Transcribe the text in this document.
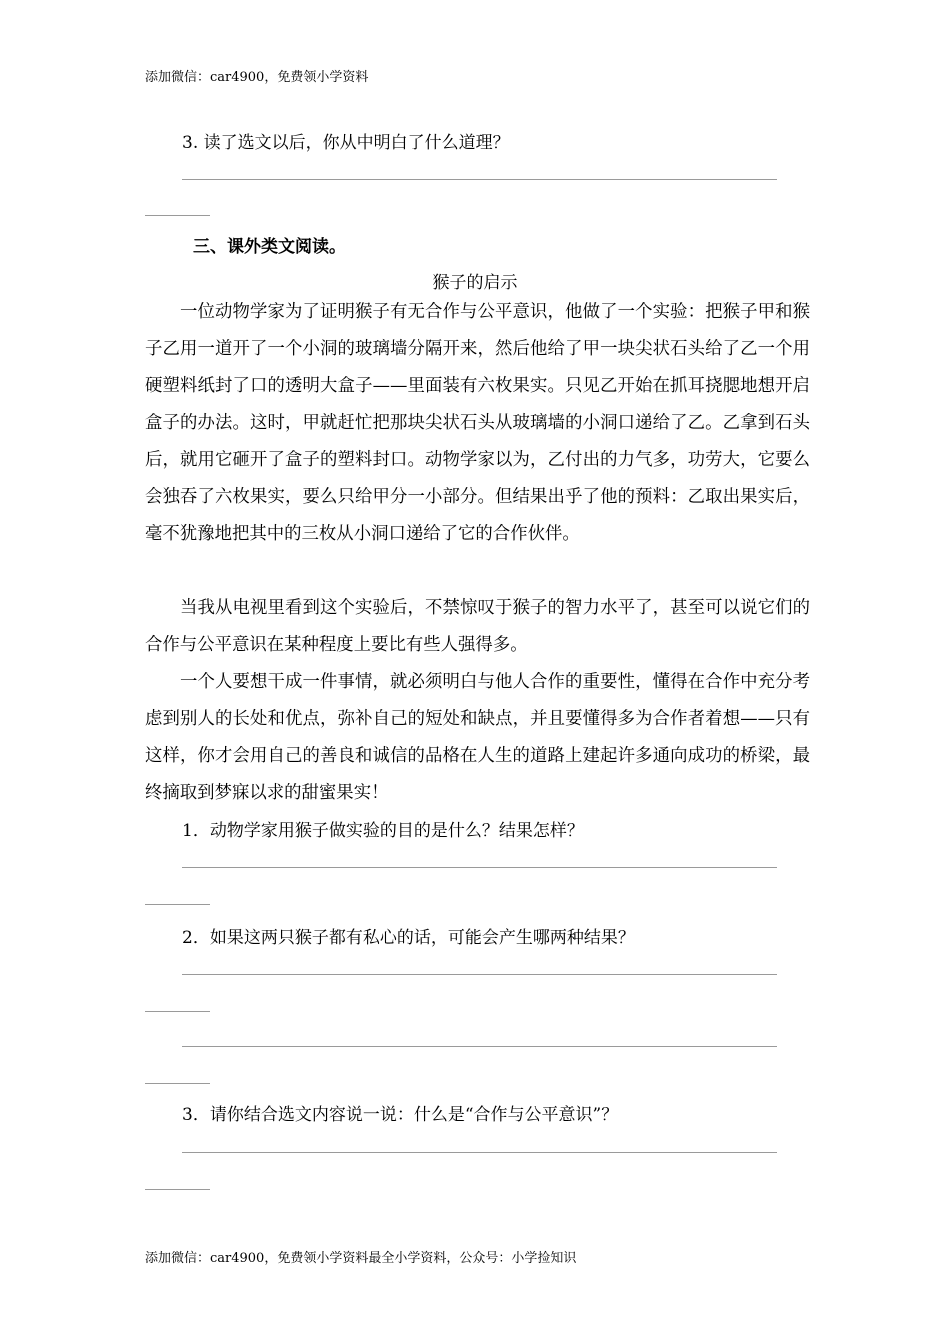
添加微信：car4900，免费领小学资料
3. 读了选文以后，你从中明白了什么道理？
三、课外类文阅读。
猴子的启示

一位动物学家为了证明猴子有无合作与公平意识，他做了一个实验：把猴子甲和猴子乙用一道开了一个小洞的玻璃墙分隔开来，然后他给了甲一块尖状石头给了乙一个用硬塑料纸封了口的透明大盒子——里面装有六枚果实。只见乙开始在抓耳挠腮地想开启盒子的办法。这时，甲就赶忙把那块尖状石头从玻璃墙的小洞口递给了乙。乙拿到石头后，就用它砸开了盒子的塑料封口。动物学家以为，乙付出的力气多，功劳大，它要么会独吞了六枚果实，要么只给甲分一小部分。但结果出乎了他的预料：乙取出果实后，毫不犹豫地把其中的三枚从小洞口递给了它的合作伙伴。

当我从电视里看到这个实验后，不禁惊叹于猴子的智力水平了，甚至可以说它们的合作与公平意识在某种程度上要比有些人强得多。

一个人要想干成一件事情，就必须明白与他人合作的重要性，懂得在合作中充分考虑到别人的长处和优点，弥补自己的短处和缺点，并且要懂得多为合作者着想——只有这样，你才会用自己的善良和诚信的品格在人生的道路上建起许多通向成功的桥梁，最终摘取到梦寐以求的甜蜜果实！

1．动物学家用猴子做实验的目的是什么？结果怎样？
2．如果这两只猴子都有私心的话，可能会产生哪两种结果？
3．请你结合选文内容说一说：什么是“合作与公平意识”？
添加微信：car4900，免费领小学资料最全小学资料，公众号：小学捡知识
